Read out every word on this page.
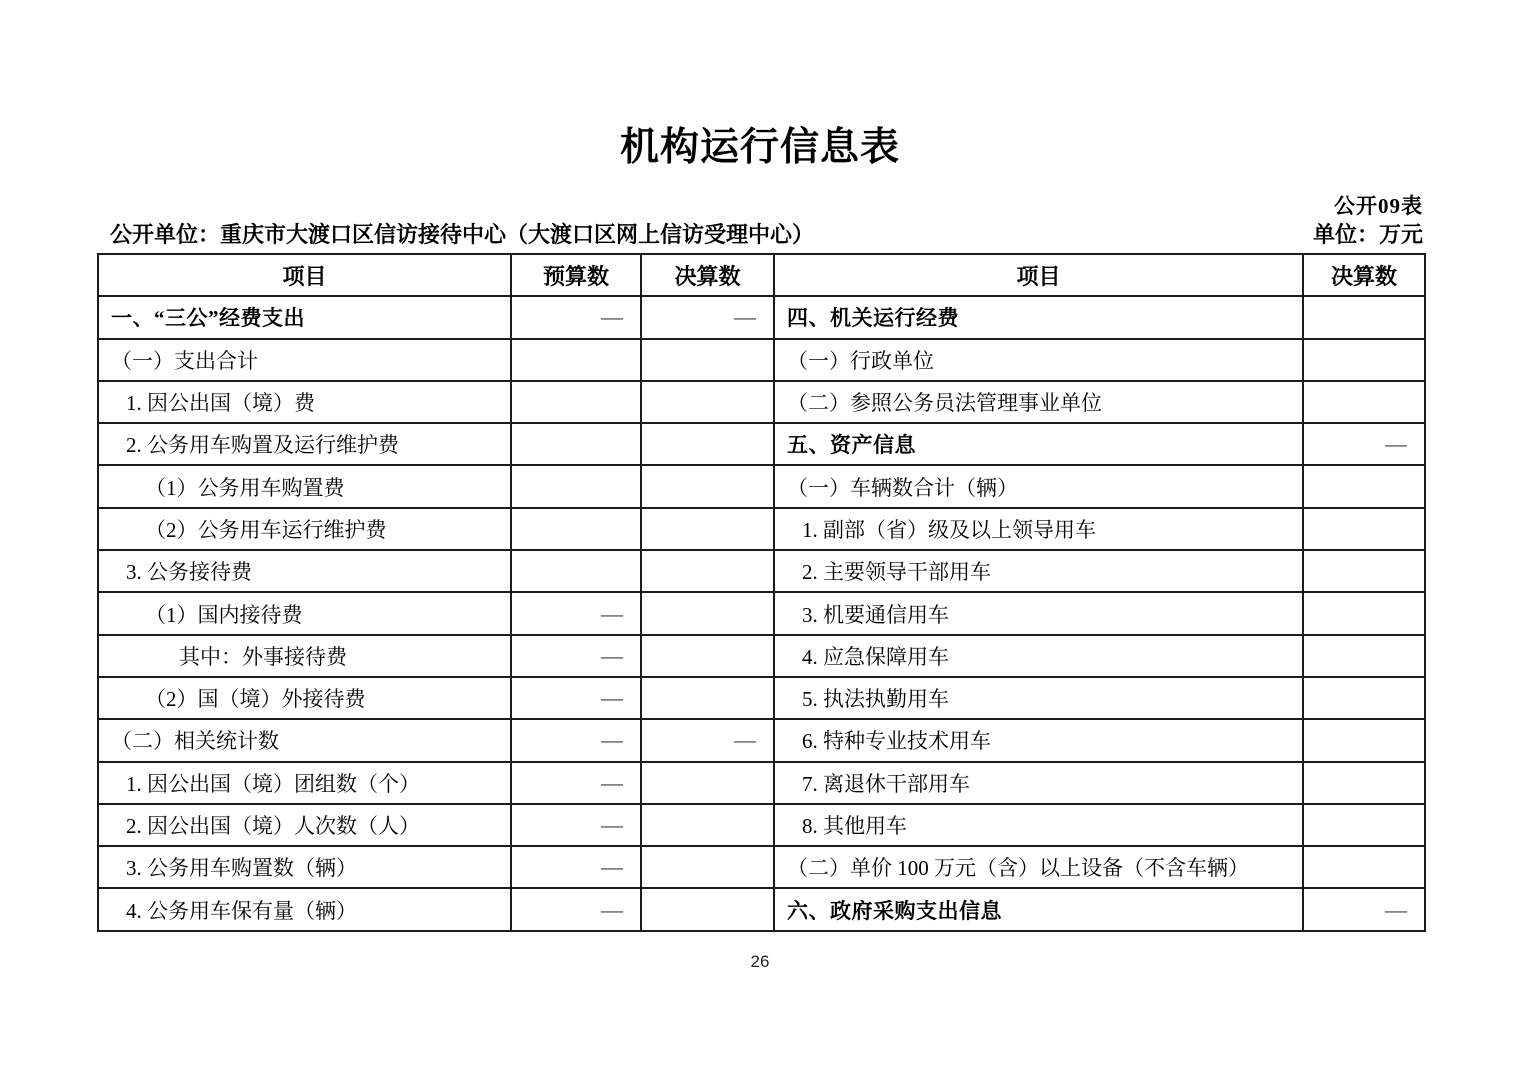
机构运行信息表
公开09表
公开单位：重庆市大渡口区信访接待中心（大渡口区网上信访受理中心）	单位：万元
项目	预算数	决算数	项目	决算数
一、“三公”经费支出	—	—	四、机关运行经费	
（一）支出合计			（一）行政单位	
1. 因公出国（境）费			（二）参照公务员法管理事业单位	
2. 公务用车购置及运行维护费			五、资产信息	—
（1）公务用车购置费			（一）车辆数合计（辆）	
（2）公务用车运行维护费			1. 副部（省）级及以上领导用车	
3. 公务接待费			2. 主要领导干部用车	
（1）国内接待费	—		3. 机要通信用车	
其中：外事接待费	—		4. 应急保障用车	
（2）国（境）外接待费	—		5. 执法执勤用车	
（二）相关统计数	—	—	6. 特种专业技术用车	
1. 因公出国（境）团组数（个）	—		7. 离退休干部用车	
2. 因公出国（境）人次数（人）	—		8. 其他用车	
3. 公务用车购置数（辆）	—		（二）单价 100 万元（含）以上设备（不含车辆）	
4. 公务用车保有量（辆）	—		六、政府采购支出信息	—
26
